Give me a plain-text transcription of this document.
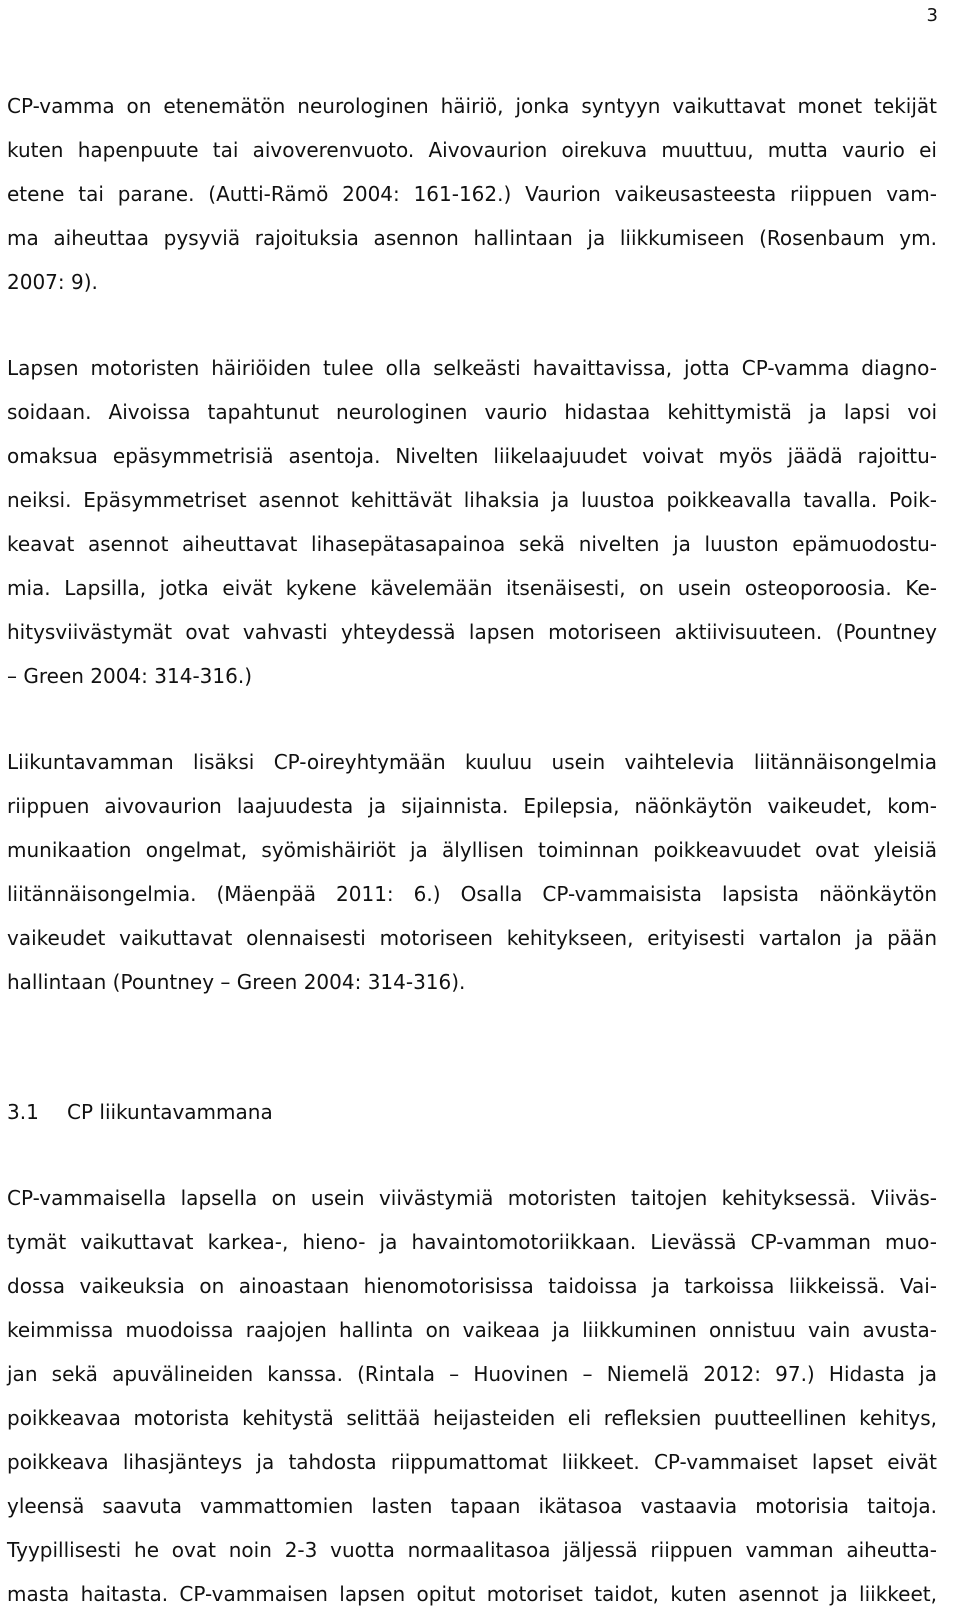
3
CP-vamma on etenemätön neurologinen häiriö, jonka syntyyn vaikuttavat monet tekijät
kuten hapenpuute tai aivoverenvuoto. Aivovaurion oirekuva muuttuu, mutta vaurio ei
etene tai parane. (Autti-Rämö 2004: 161-162.) Vaurion vaikeusasteesta riippuen vam-
ma aiheuttaa pysyviä rajoituksia asennon hallintaan ja liikkumiseen (Rosenbaum ym.
2007: 9).
Lapsen motoristen häiriöiden tulee olla selkeästi havaittavissa, jotta CP-vamma diagno-
soidaan. Aivoissa tapahtunut neurologinen vaurio hidastaa kehittymistä ja lapsi voi
omaksua epäsymmetrisiä asentoja. Nivelten liikelaajuudet voivat myös jäädä rajoittu-
neiksi. Epäsymmetriset asennot kehittävät lihaksia ja luustoa poikkeavalla tavalla. Poik-
keavat asennot aiheuttavat lihasepätasapainoa sekä nivelten ja luuston epämuodostu-
mia. Lapsilla, jotka eivät kykene kävelemään itsenäisesti, on usein osteoporoosia. Ke-
hitysviivästymät ovat vahvasti yhteydessä lapsen motoriseen aktiivisuuteen. (Pountney
– Green 2004: 314-316.)
Liikuntavamman lisäksi CP-oireyhtymään kuuluu usein vaihtelevia liitännäisongelmia
riippuen aivovaurion laajuudesta ja sijainnista. Epilepsia, näönkäytön vaikeudet, kom-
munikaation ongelmat, syömishäiriöt ja älyllisen toiminnan poikkeavuudet ovat yleisiä
liitännäisongelmia. (Mäenpää 2011: 6.) Osalla CP-vammaisista lapsista näönkäytön
vaikeudet vaikuttavat olennaisesti motoriseen kehitykseen, erityisesti vartalon ja pään
hallintaan (Pountney – Green 2004: 314-316).
3.1	CP liikuntavammana
CP-vammaisella lapsella on usein viivästymiä motoristen taitojen kehityksessä. Viiväs-
tymät vaikuttavat karkea-, hieno- ja havaintomotoriikkaan. Lievässä CP-vamman muo-
dossa vaikeuksia on ainoastaan hienomotorisissa taidoissa ja tarkoissa liikkeissä. Vai-
keimmissa muodoissa raajojen hallinta on vaikeaa ja liikkuminen onnistuu vain avusta-
jan sekä apuvälineiden kanssa. (Rintala – Huovinen – Niemelä 2012: 97.) Hidasta ja
poikkeavaa motorista kehitystä selittää heijasteiden eli refleksien puutteellinen kehitys,
poikkeava lihasjänteys ja tahdosta riippumattomat liikkeet. CP-vammaiset lapset eivät
yleensä saavuta vammattomien lasten tapaan ikätasoa vastaavia motorisia taitoja.
Tyypillisesti he ovat noin 2-3 vuotta normaalitasoa jäljessä riippuen vamman aiheutta-
masta haitasta. CP-vammaisen lapsen opitut motoriset taidot, kuten asennot ja liikkeet,
